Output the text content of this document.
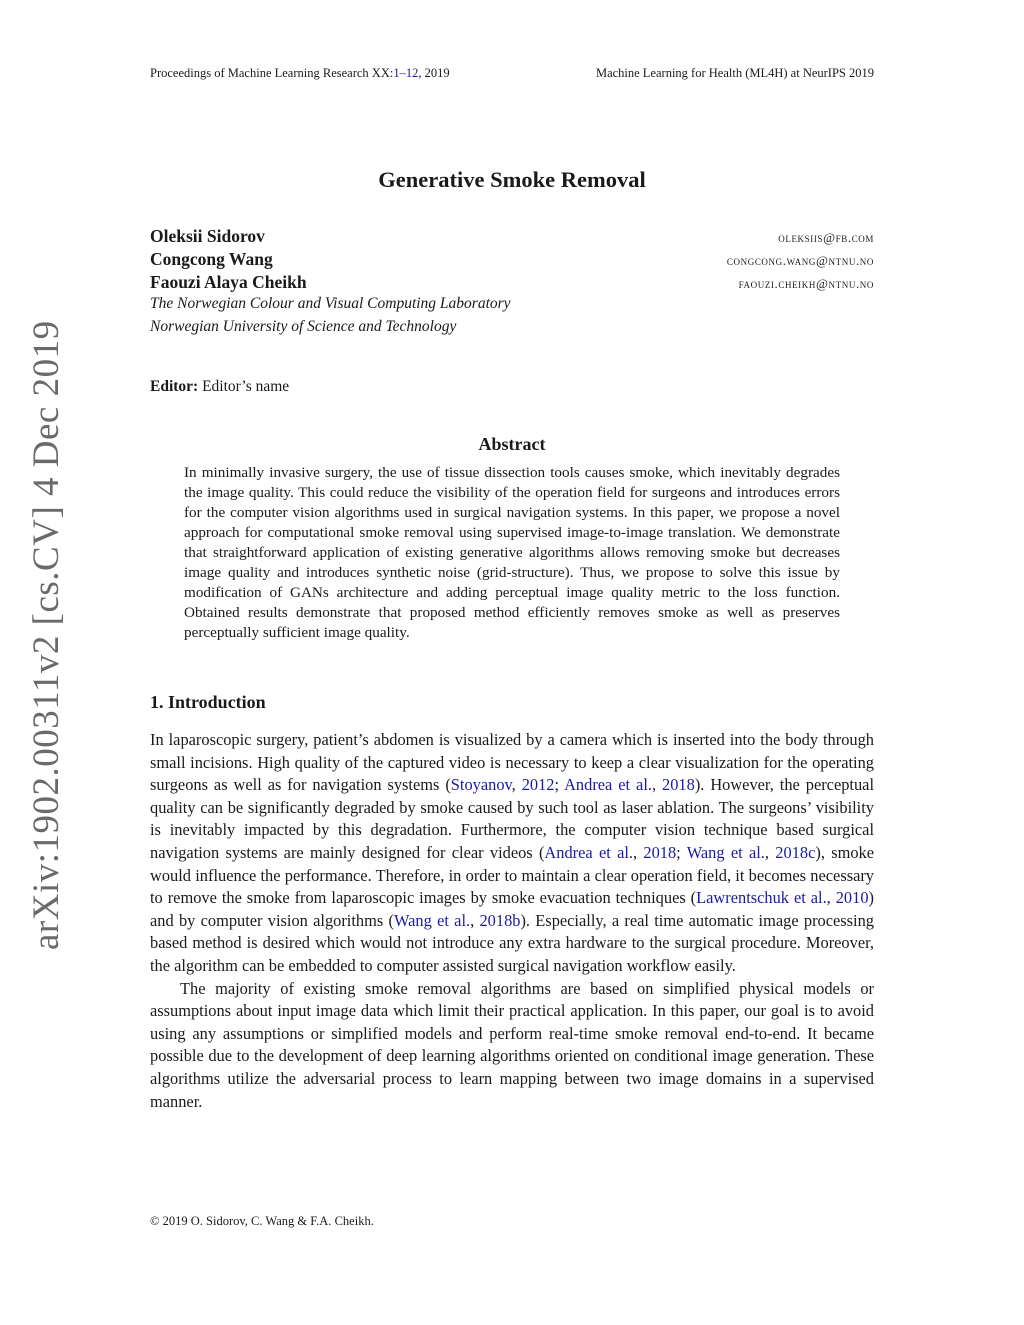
Proceedings of Machine Learning Research XX:1–12, 2019	Machine Learning for Health (ML4H) at NeurIPS 2019
arXiv:1902.00311v2 [cs.CV] 4 Dec 2019
Generative Smoke Removal
Oleksii Sidorov	oleksiis@fb.com
Congcong Wang	congcong.wang@ntnu.no
Faouzi Alaya Cheikh	faouzi.cheikh@ntnu.no
The Norwegian Colour and Visual Computing Laboratory
Norwegian University of Science and Technology
Editor: Editor’s name
Abstract
In minimally invasive surgery, the use of tissue dissection tools causes smoke, which inevitably degrades the image quality. This could reduce the visibility of the operation field for surgeons and introduces errors for the computer vision algorithms used in surgical navigation systems. In this paper, we propose a novel approach for computational smoke removal using supervised image-to-image translation. We demonstrate that straightforward application of existing generative algorithms allows removing smoke but decreases image quality and introduces synthetic noise (grid-structure). Thus, we propose to solve this issue by modification of GANs architecture and adding perceptual image quality metric to the loss function. Obtained results demonstrate that proposed method efficiently removes smoke as well as preserves perceptually sufficient image quality.
1. Introduction

In laparoscopic surgery, patient’s abdomen is visualized by a camera which is inserted into the body through small incisions. High quality of the captured video is necessary to keep a clear visualization for the operating surgeons as well as for navigation systems (Stoyanov, 2012; Andrea et al., 2018). However, the perceptual quality can be significantly degraded by smoke caused by such tool as laser ablation. The surgeons’ visibility is inevitably impacted by this degradation. Furthermore, the computer vision technique based surgical navigation systems are mainly designed for clear videos (Andrea et al., 2018; Wang et al., 2018c), smoke would influence the performance. Therefore, in order to maintain a clear operation field, it becomes necessary to remove the smoke from laparoscopic images by smoke evacuation techniques (Lawrentschuk et al., 2010) and by computer vision algorithms (Wang et al., 2018b). Especially, a real time automatic image processing based method is desired which would not introduce any extra hardware to the surgical procedure. Moreover, the algorithm can be embedded to computer assisted surgical navigation workflow easily.

The majority of existing smoke removal algorithms are based on simplified physical models or assumptions about input image data which limit their practical application. In this paper, our goal is to avoid using any assumptions or simplified models and perform real-time smoke removal end-to-end. It became possible due to the development of deep learning algorithms oriented on conditional image generation. These algorithms utilize the adversarial process to learn mapping between two image domains in a supervised manner.

© 2019 O. Sidorov, C. Wang & F.A. Cheikh.
